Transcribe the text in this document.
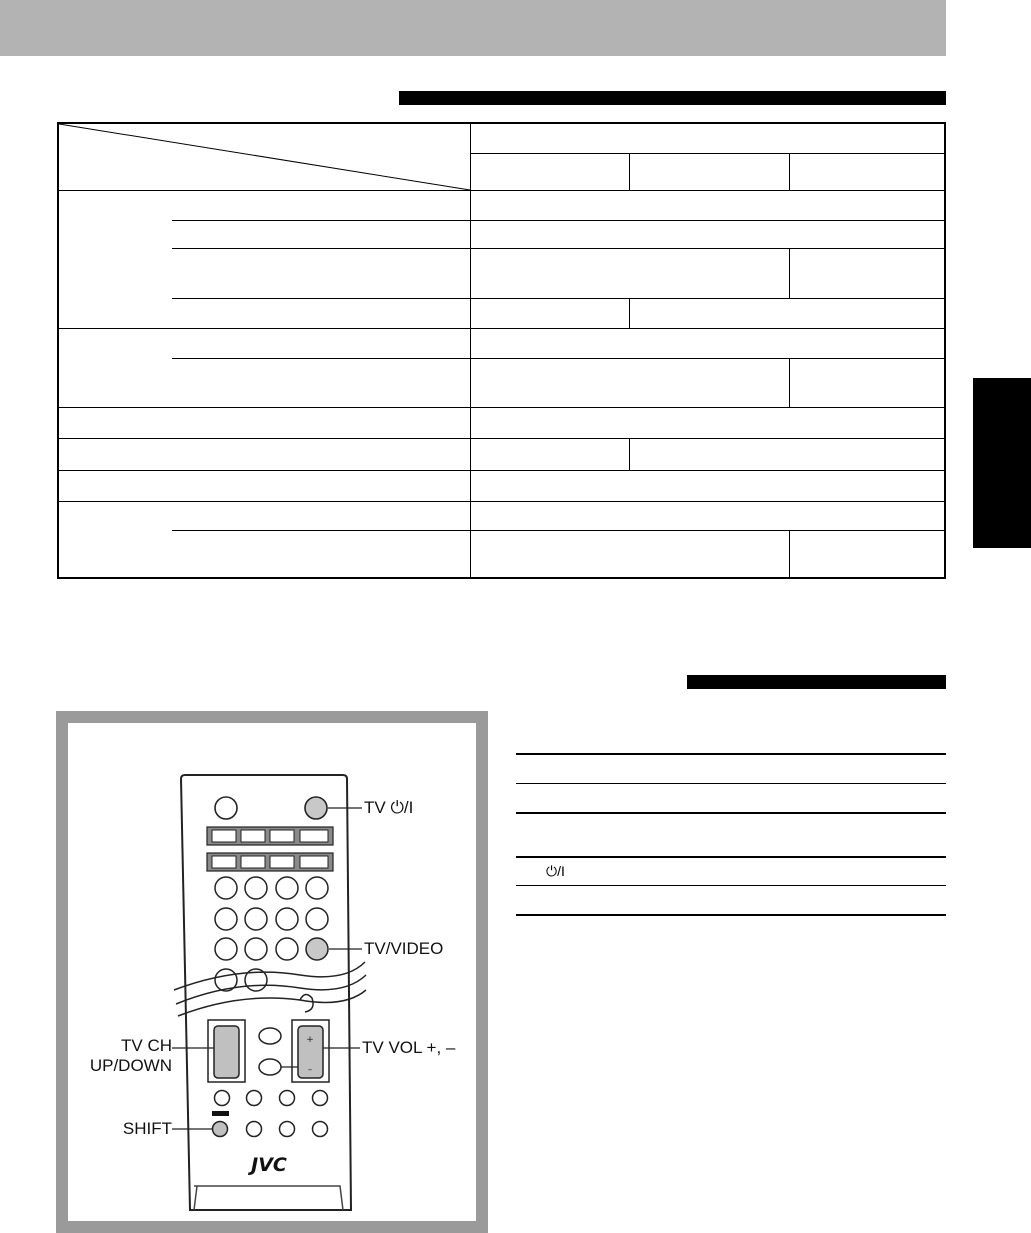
+
–
JVC
TV ⏻/I
TV/VIDEO
TV CH
UP/DOWN
TV VOL +, –
SHIFT
⏻/I
